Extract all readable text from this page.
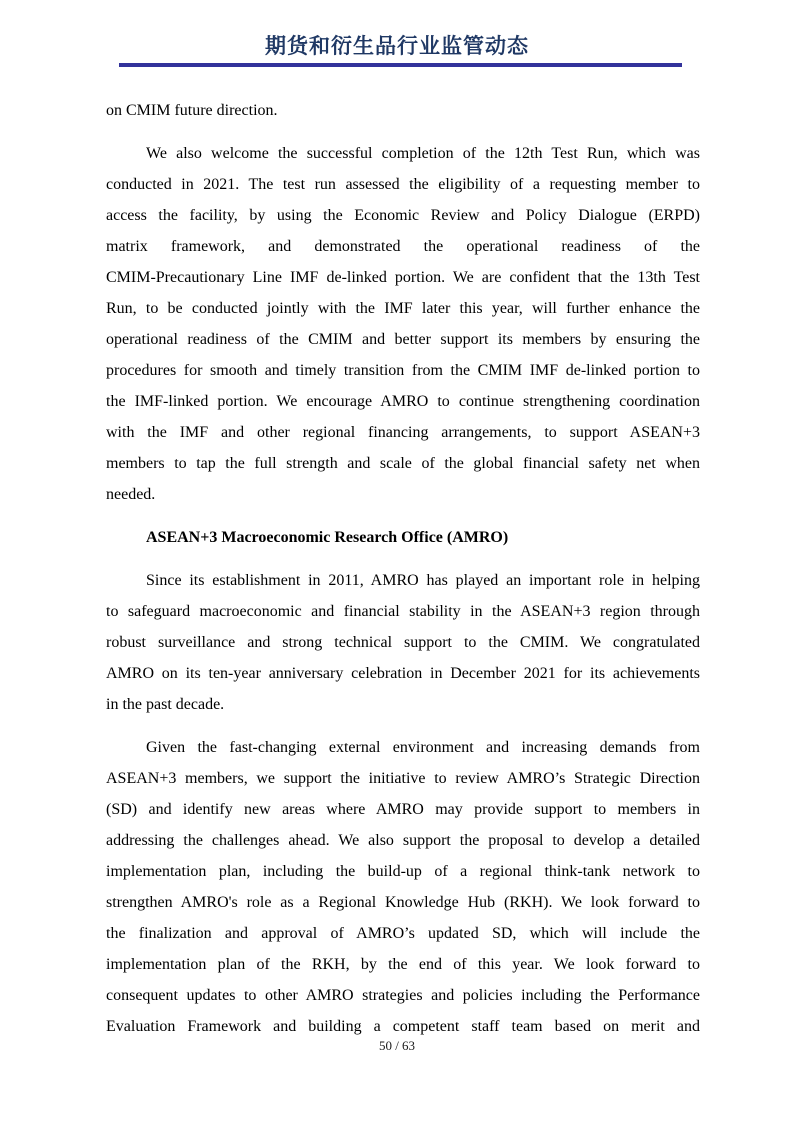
期货和衍生品行业监管动态
on CMIM future direction.
We also welcome the successful completion of the 12th Test Run, which was
conducted in 2021. The test run assessed the eligibility of a requesting member to
access the facility, by using the Economic Review and Policy Dialogue (ERPD)
matrix framework, and demonstrated the operational readiness of the
CMIM-Precautionary Line IMF de-linked portion. We are confident that the 13th Test
Run, to be conducted jointly with the IMF later this year, will further enhance the
operational readiness of the CMIM and better support its members by ensuring the
procedures for smooth and timely transition from the CMIM IMF de-linked portion to
the IMF-linked portion. We encourage AMRO to continue strengthening coordination
with the IMF and other regional financing arrangements, to support ASEAN+3
members to tap the full strength and scale of the global financial safety net when
needed.
ASEAN+3 Macroeconomic Research Office (AMRO)
Since its establishment in 2011, AMRO has played an important role in helping
to safeguard macroeconomic and financial stability in the ASEAN+3 region through
robust surveillance and strong technical support to the CMIM. We congratulated
AMRO on its ten-year anniversary celebration in December 2021 for its achievements
in the past decade.
Given the fast-changing external environment and increasing demands from
ASEAN+3 members, we support the initiative to review AMRO’s Strategic Direction
(SD) and identify new areas where AMRO may provide support to members in
addressing the challenges ahead. We also support the proposal to develop a detailed
implementation plan, including the build-up of a regional think-tank network to
strengthen AMRO's role as a Regional Knowledge Hub (RKH). We look forward to
the finalization and approval of AMRO’s updated SD, which will include the
implementation plan of the RKH, by the end of this year. We look forward to
consequent updates to other AMRO strategies and policies including the Performance
Evaluation Framework and building a competent staff team based on merit and
50 / 63
